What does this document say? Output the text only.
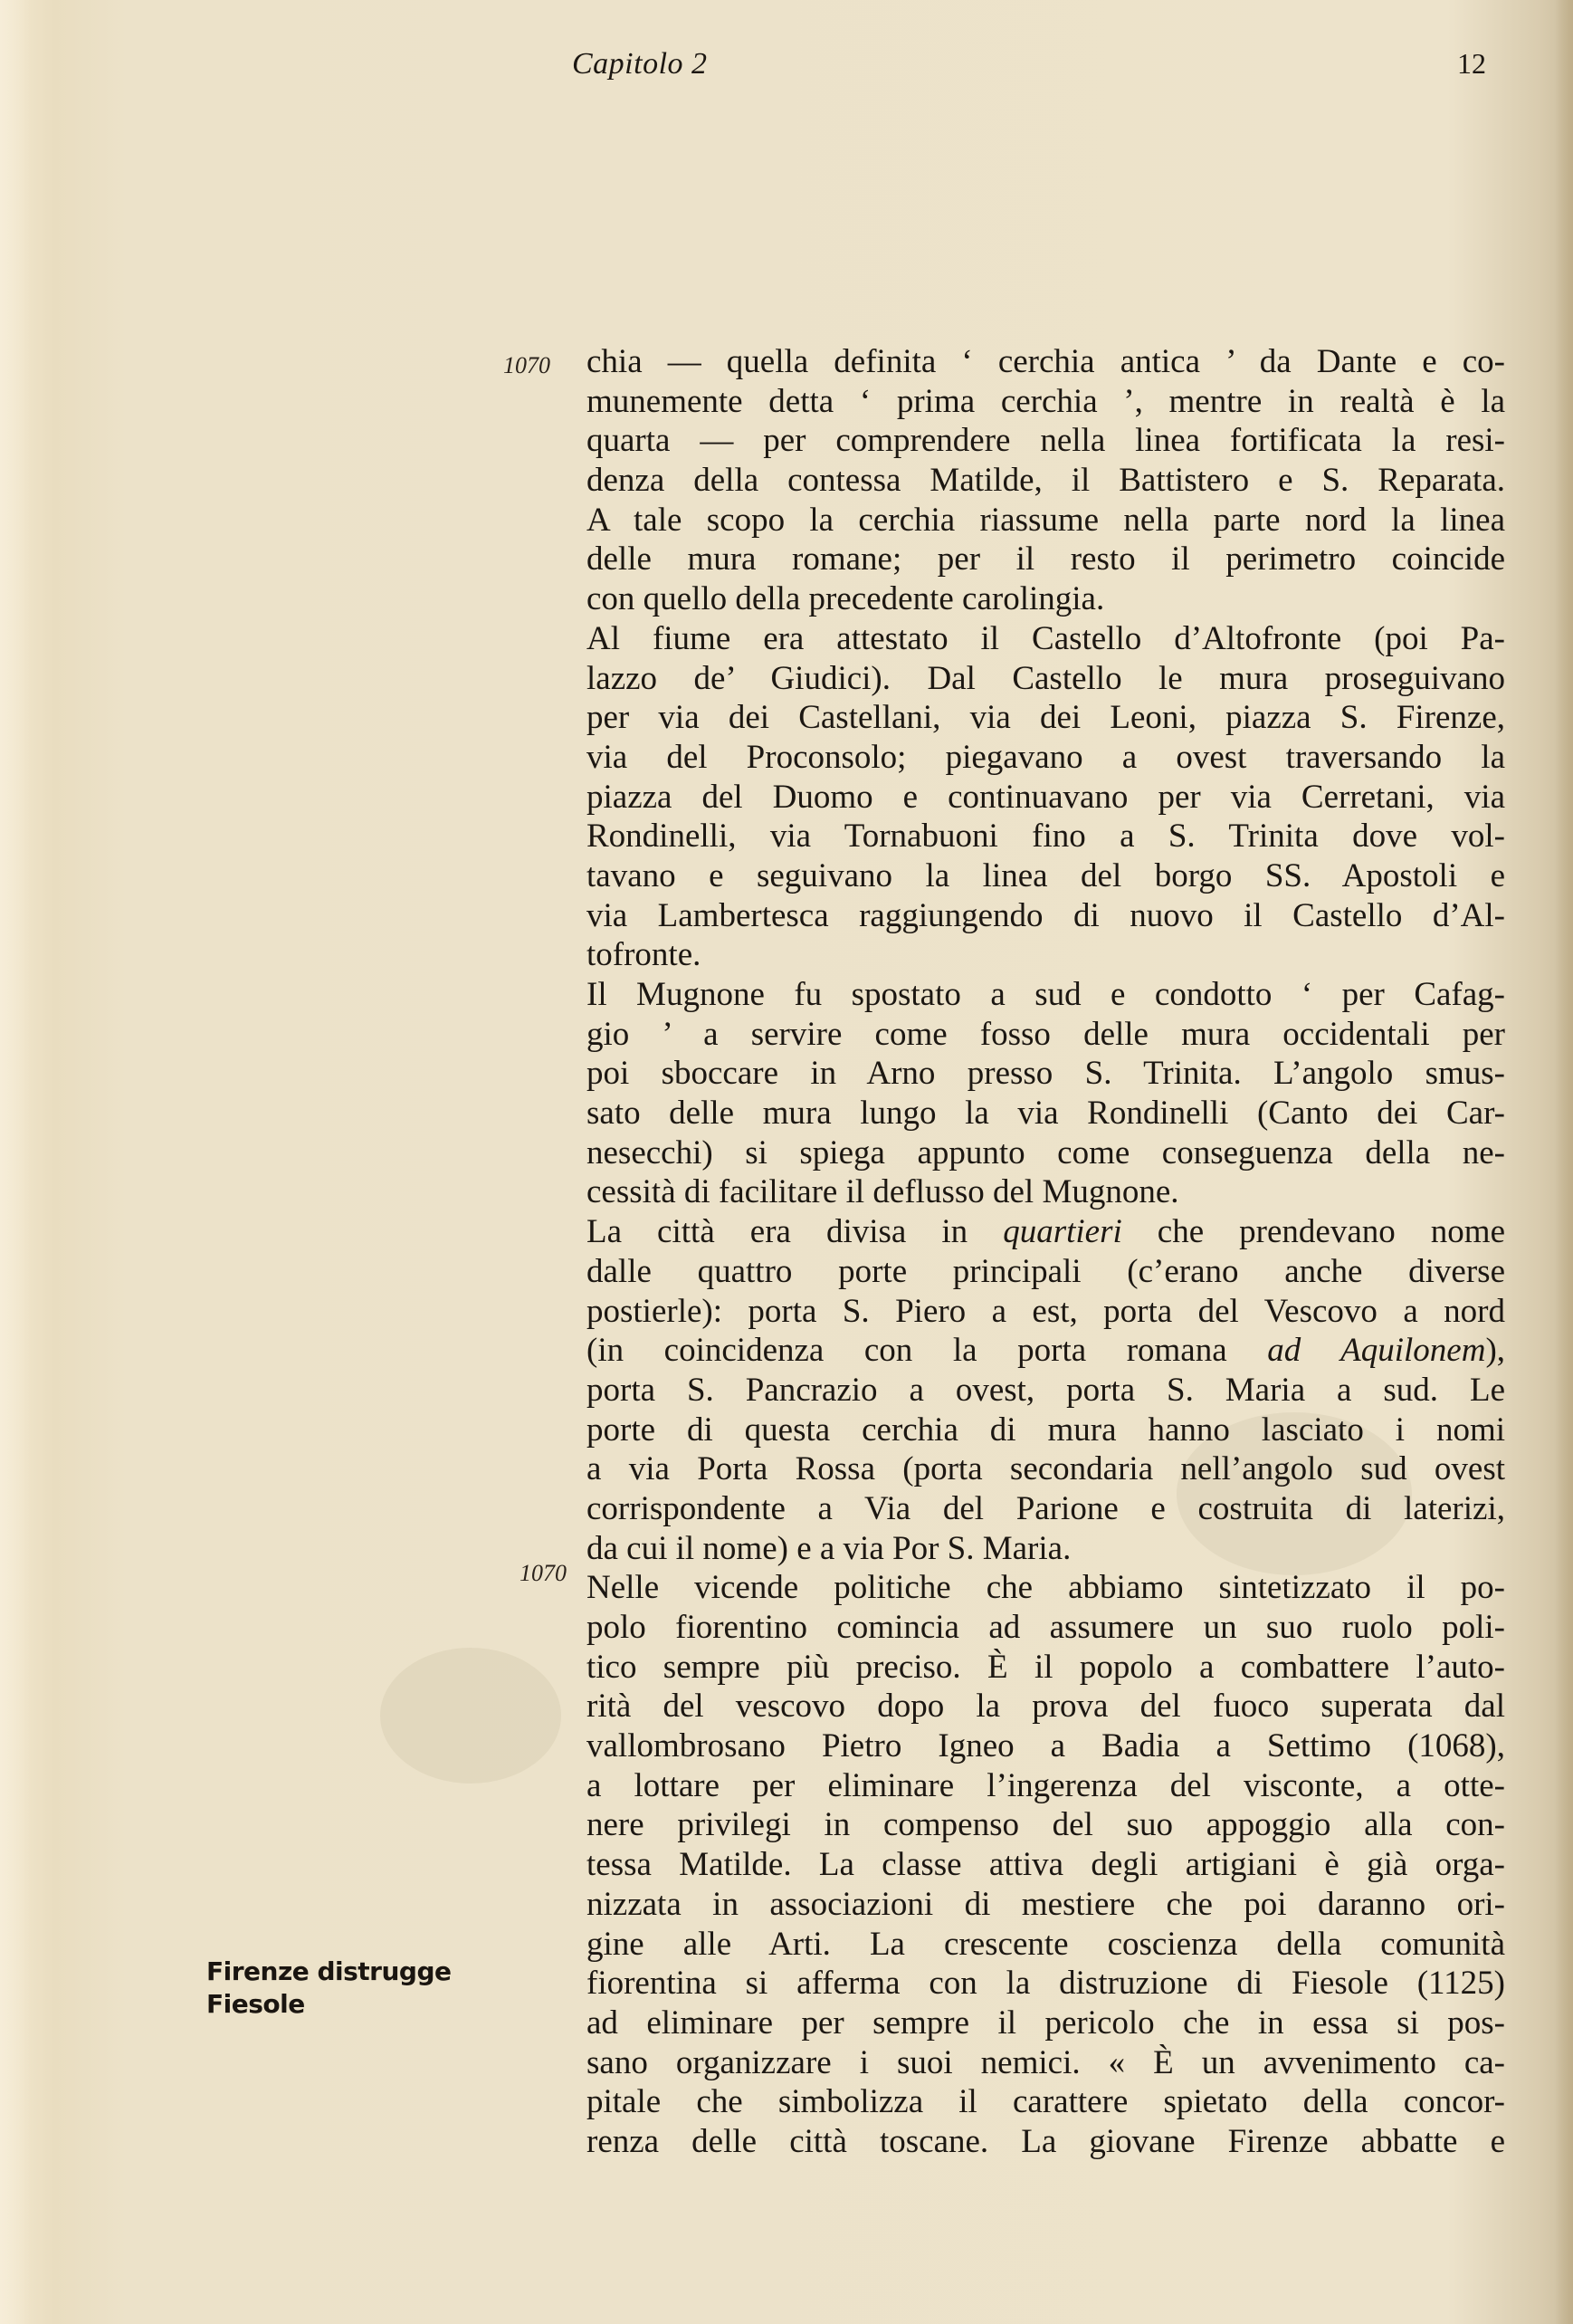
Capitolo 2	12
1070
1070
Firenze distrugge
Fiesole
chia — quella definita ‘ cerchia antica ’ da Dante e co-
munemente detta ‘ prima cerchia ’, mentre in realtà è la
quarta — per comprendere nella linea fortificata la resi-
denza della contessa Matilde, il Battistero e S. Reparata.
A tale scopo la cerchia riassume nella parte nord la linea
delle mura romane; per il resto il perimetro coincide
con quello della precedente carolingia.
Al fiume era attestato il Castello d’Altofronte (poi Pa-
lazzo de’ Giudici). Dal Castello le mura proseguivano
per via dei Castellani, via dei Leoni, piazza S. Firenze,
via del Proconsolo; piegavano a ovest traversando la
piazza del Duomo e continuavano per via Cerretani, via
Rondinelli, via Tornabuoni fino a S. Trinita dove vol-
tavano e seguivano la linea del borgo SS. Apostoli e
via Lambertesca raggiungendo di nuovo il Castello d’Al-
tofronte.
Il Mugnone fu spostato a sud e condotto ‘ per Cafag-
gio ’ a servire come fosso delle mura occidentali per
poi sboccare in Arno presso S. Trinita. L’angolo smus-
sato delle mura lungo la via Rondinelli (Canto dei Car-
nesecchi) si spiega appunto come conseguenza della ne-
cessità di facilitare il deflusso del Mugnone.
La città era divisa in quartieri che prendevano nome
dalle quattro porte principali (c’erano anche diverse
postierle): porta S. Piero a est, porta del Vescovo a nord
(in coincidenza con la porta romana ad Aquilonem),
porta S. Pancrazio a ovest, porta S. Maria a sud. Le
porte di questa cerchia di mura hanno lasciato i nomi
a via Porta Rossa (porta secondaria nell’angolo sud ovest
corrispondente a Via del Parione e costruita di laterizi,
da cui il nome) e a via Por S. Maria.
Nelle vicende politiche che abbiamo sintetizzato il po-
polo fiorentino comincia ad assumere un suo ruolo poli-
tico sempre più preciso. È il popolo a combattere l’auto-
rità del vescovo dopo la prova del fuoco superata dal
vallombrosano Pietro Igneo a Badia a Settimo (1068),
a lottare per eliminare l’ingerenza del visconte, a otte-
nere privilegi in compenso del suo appoggio alla con-
tessa Matilde. La classe attiva degli artigiani è già orga-
nizzata in associazioni di mestiere che poi daranno ori-
gine alle Arti. La crescente coscienza della comunità
fiorentina si afferma con la distruzione di Fiesole (1125)
ad eliminare per sempre il pericolo che in essa si pos-
sano organizzare i suoi nemici. « È un avvenimento ca-
pitale che simbolizza il carattere spietato della concor-
renza delle città toscane. La giovane Firenze abbatte e
